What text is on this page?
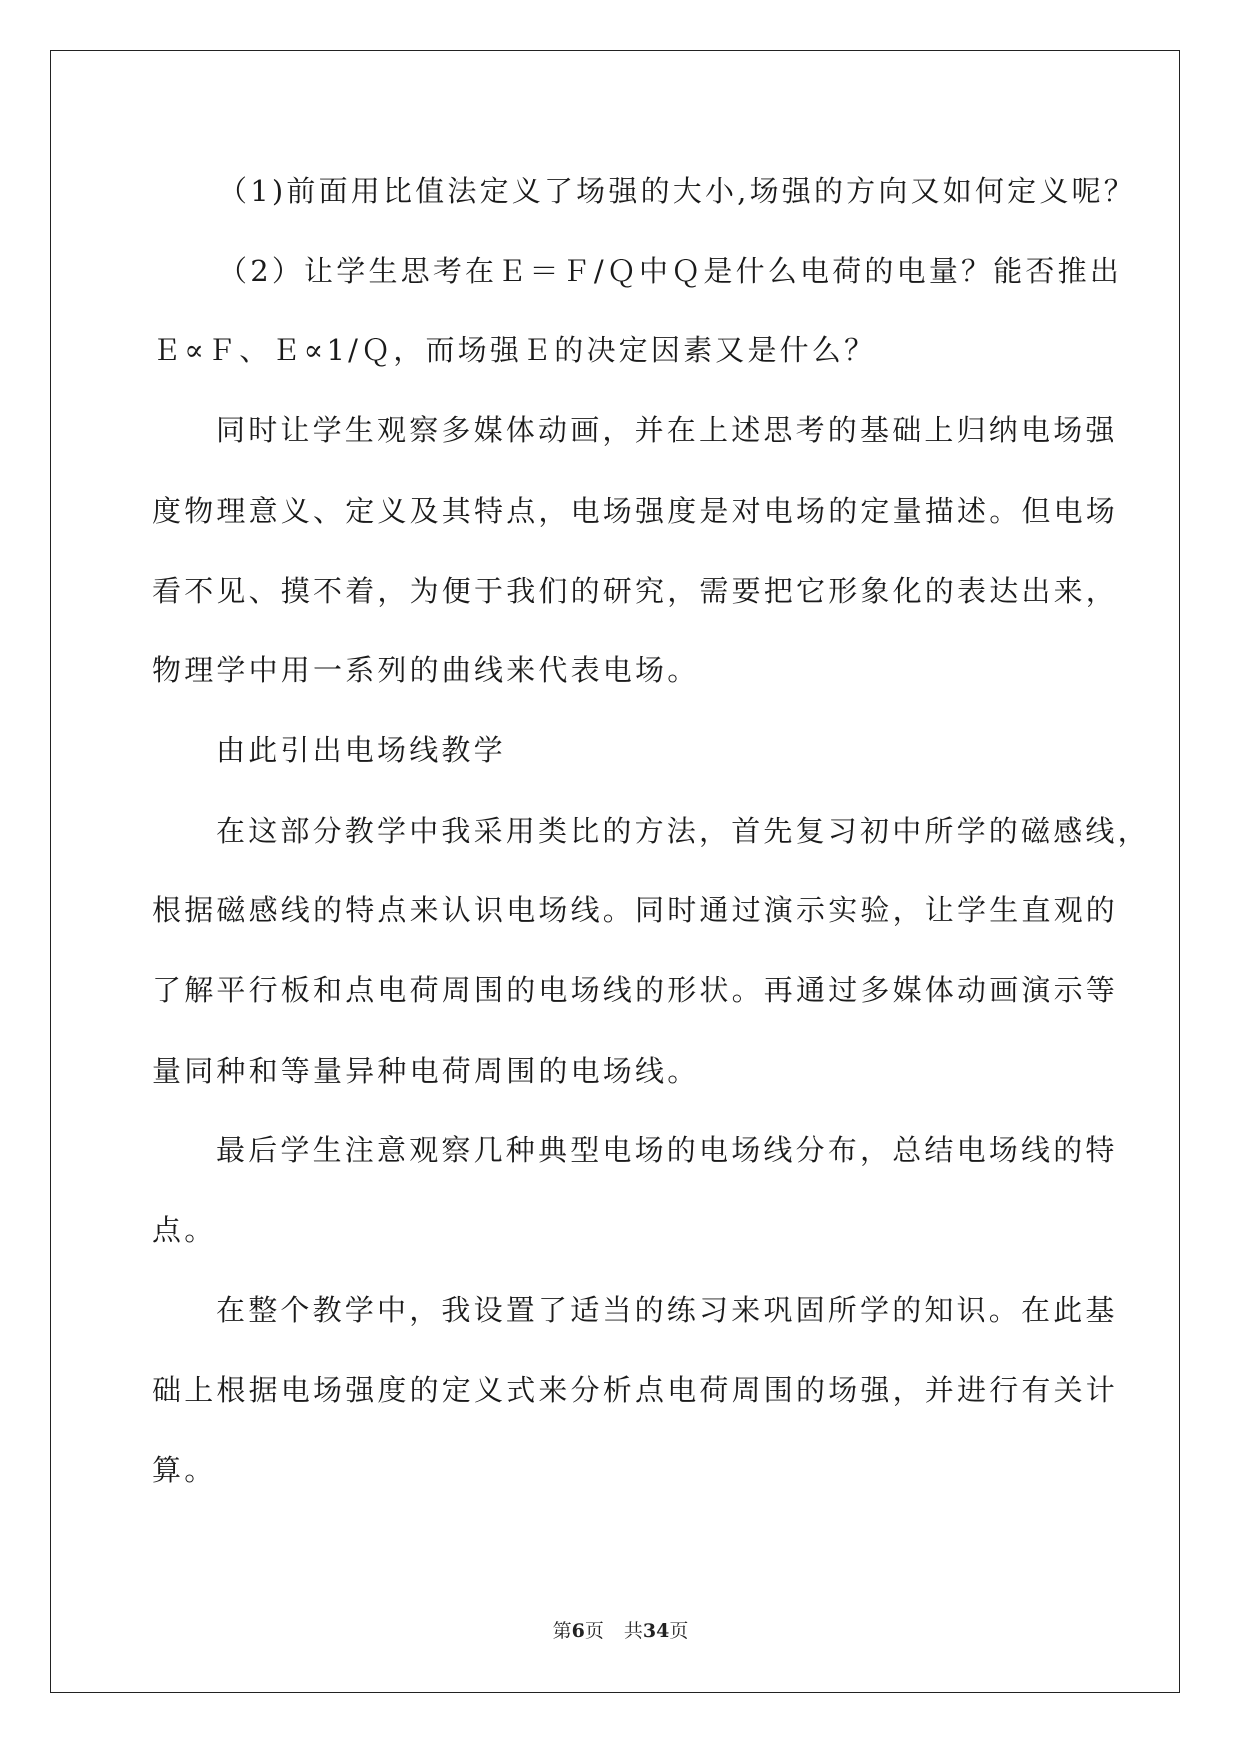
（1)前面用比值法定义了场强的大小,场强的方向又如何定义呢？
（2）让学生思考在Ｅ＝Ｆ/Ｑ中Ｑ是什么电荷的电量？能否推出
Ｅ∝Ｆ、Ｅ∝1/Ｑ，而场强Ｅ的决定因素又是什么？
同时让学生观察多媒体动画，并在上述思考的基础上归纳电场强
度物理意义、定义及其特点，电场强度是对电场的定量描述。但电场
看不见、摸不着，为便于我们的研究，需要把它形象化的表达出来，
物理学中用一系列的曲线来代表电场。
由此引出电场线教学
在这部分教学中我采用类比的方法，首先复习初中所学的磁感线，
根据磁感线的特点来认识电场线。同时通过演示实验，让学生直观的
了解平行板和点电荷周围的电场线的形状。再通过多媒体动画演示等
量同种和等量异种电荷周围的电场线。
最后学生注意观察几种典型电场的电场线分布，总结电场线的特
点。
在整个教学中，我设置了适当的练习来巩固所学的知识。在此基
础上根据电场强度的定义式来分析点电荷周围的场强，并进行有关计
算。
第6页 共34页
